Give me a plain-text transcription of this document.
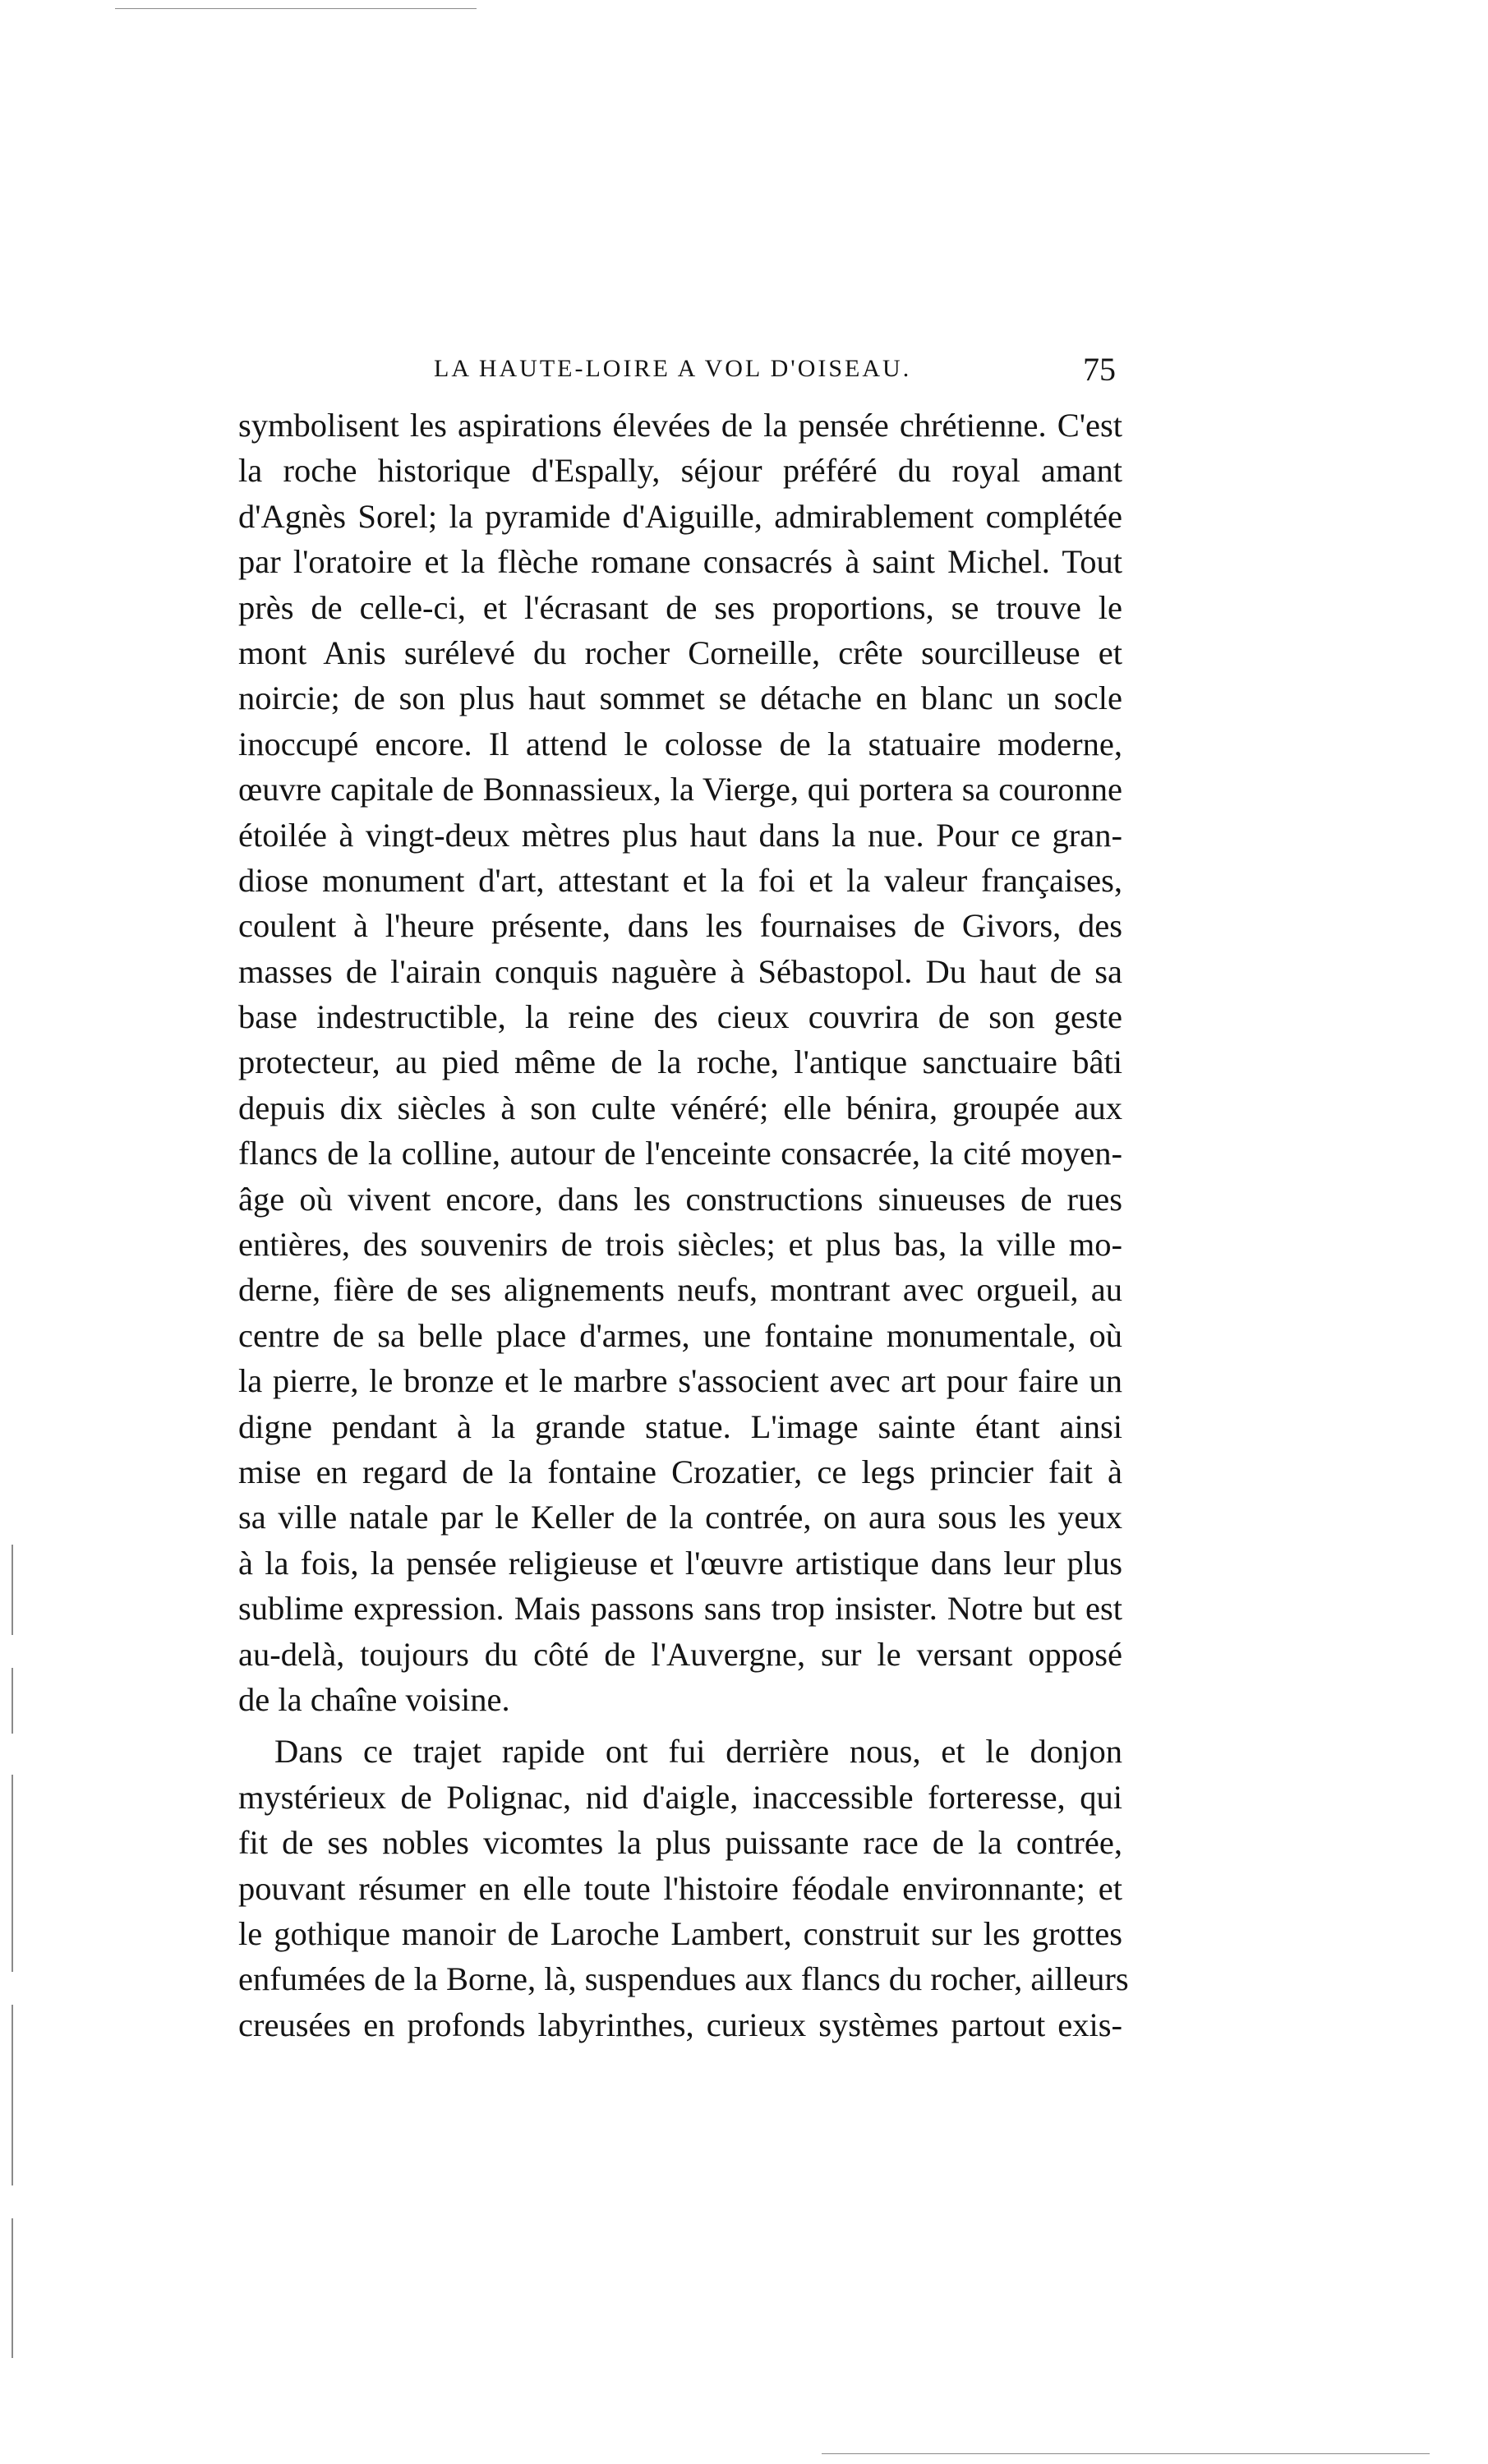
LA HAUTE-LOIRE A VOL D'OISEAU.	75
symbolisent les aspirations élevées de la pensée chrétienne. C'est
la roche historique d'Espally, séjour préféré du royal amant
d'Agnès Sorel; la pyramide d'Aiguille, admirablement complétée
par l'oratoire et la flèche romane consacrés à saint Michel. Tout
près de celle-ci, et l'écrasant de ses proportions, se trouve le
mont Anis surélevé du rocher Corneille, crête sourcilleuse et
noircie; de son plus haut sommet se détache en blanc un socle
inoccupé encore. Il attend le colosse de la statuaire moderne,
œuvre capitale de Bonnassieux, la Vierge, qui portera sa couronne
étoilée à vingt-deux mètres plus haut dans la nue. Pour ce gran-
diose monument d'art, attestant et la foi et la valeur françaises,
coulent à l'heure présente, dans les fournaises de Givors, des
masses de l'airain conquis naguère à Sébastopol. Du haut de sa
base indestructible, la reine des cieux couvrira de son geste
protecteur, au pied même de la roche, l'antique sanctuaire bâti
depuis dix siècles à son culte vénéré; elle bénira, groupée aux
flancs de la colline, autour de l'enceinte consacrée, la cité moyen-
âge où vivent encore, dans les constructions sinueuses de rues
entières, des souvenirs de trois siècles; et plus bas, la ville mo-
derne, fière de ses alignements neufs, montrant avec orgueil, au
centre de sa belle place d'armes, une fontaine monumentale, où
la pierre, le bronze et le marbre s'associent avec art pour faire un
digne pendant à la grande statue. L'image sainte étant ainsi
mise en regard de la fontaine Crozatier, ce legs princier fait à
sa ville natale par le Keller de la contrée, on aura sous les yeux
à la fois, la pensée religieuse et l'œuvre artistique dans leur plus
sublime expression. Mais passons sans trop insister. Notre but est
au-delà, toujours du côté de l'Auvergne, sur le versant opposé
de la chaîne voisine.
Dans ce trajet rapide ont fui derrière nous, et le donjon
mystérieux de Polignac, nid d'aigle, inaccessible forteresse, qui
fit de ses nobles vicomtes la plus puissante race de la contrée,
pouvant résumer en elle toute l'histoire féodale environnante; et
le gothique manoir de Laroche Lambert, construit sur les grottes
enfumées de la Borne, là, suspendues aux flancs du rocher, ailleurs
creusées en profonds labyrinthes, curieux systèmes partout exis-
